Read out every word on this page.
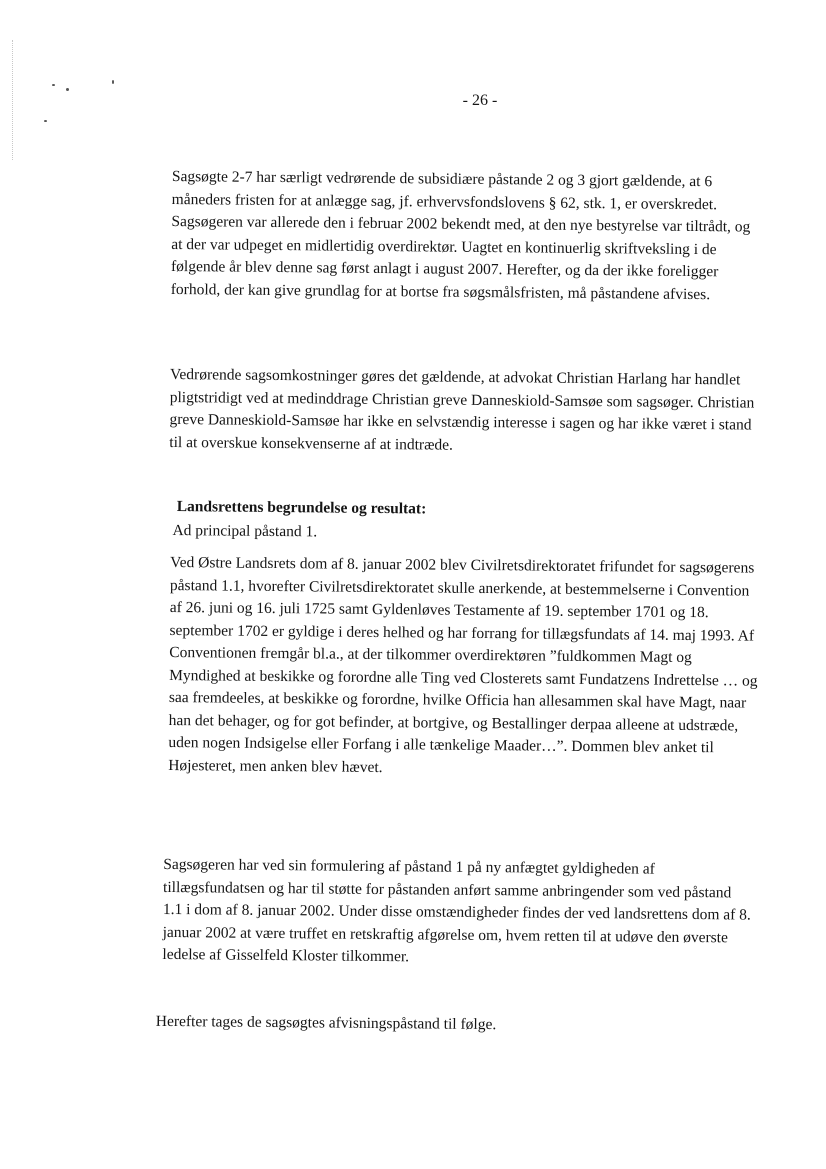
- 26 -

Sagsøgte 2-7 har særligt vedrørende de subsidiære påstande 2 og 3 gjort gældende, at 6 måneders fristen for at anlægge sag, jf. erhvervsfondslovens § 62, stk. 1, er overskredet. Sagsøgeren var allerede den i februar 2002 bekendt med, at den nye bestyrelse var tiltrådt, og at der var udpeget en midlertidig overdirektør. Uagtet en kontinuerlig skriftveksling i de følgende år blev denne sag først anlagt i august 2007. Herefter, og da der ikke foreligger forhold, der kan give grundlag for at bortse fra søgsmålsfristen, må påstandene afvises.

Vedrørende sagsomkostninger gøres det gældende, at advokat Christian Harlang har handlet pligtstridigt ved at medinddrage Christian greve Danneskiold-Samsøe som sagsøger. Christian greve Danneskiold-Samsøe har ikke en selvstændig interesse i sagen og har ikke været i stand til at overskue konsekvenserne af at indtræde.

Landsrettens begrundelse og resultat:

Ad principal påstand 1.

Ved Østre Landsrets dom af 8. januar 2002 blev Civilretsdirektoratet frifundet for sagsøgerens påstand 1.1, hvorefter Civilretsdirektoratet skulle anerkende, at bestemmelserne i Convention af 26. juni og 16. juli 1725 samt Gyldenløves Testamente af 19. september 1701 og 18. september 1702 er gyldige i deres helhed og har forrang for tillægsfundats af 14. maj 1993. Af Conventionen fremgår bl.a., at der tilkommer overdirektøren ”fuldkommen Magt og Myndighed at beskikke og forordne alle Ting ved Closterets samt Fundatzens Indrettelse … og saa fremdeeles, at beskikke og forordne, hvilke Officia han allesammen skal have Magt, naar han det behager, og for got befinder, at bortgive, og Bestallinger derpaa alleene at udstræde, uden nogen Indsigelse eller Forfang i alle tænkelige Maader…”. Dommen blev anket til Højesteret, men anken blev hævet.

Sagsøgeren har ved sin formulering af påstand 1 på ny anfægtet gyldigheden af tillægsfundatsen og har til støtte for påstanden anført samme anbringender som ved påstand 1.1 i dom af 8. januar 2002. Under disse omstændigheder findes der ved landsrettens dom af 8. januar 2002 at være truffet en retskraftig afgørelse om, hvem retten til at udøve den øverste ledelse af Gisselfeld Kloster tilkommer.

Herefter tages de sagsøgtes afvisningspåstand til følge.
